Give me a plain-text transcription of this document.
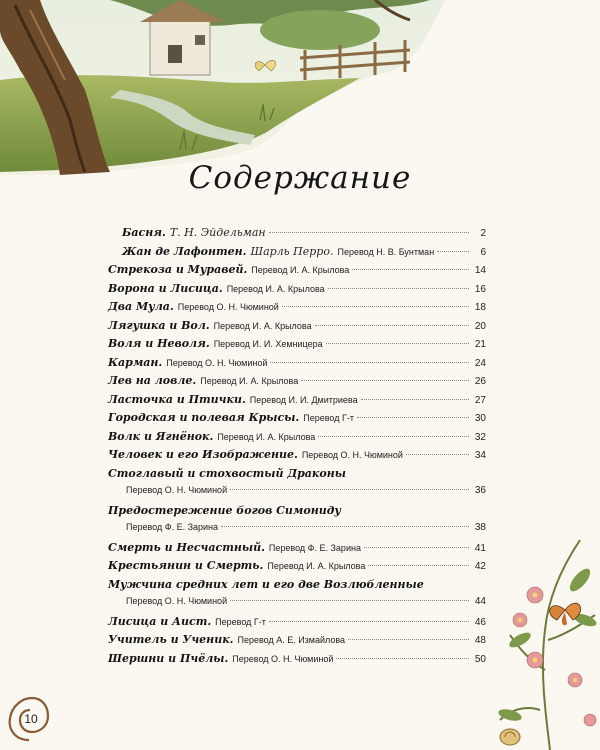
Содержание
Басня. Т. Н. Эйдельман	2
Жан де Лафонтен. Шарль Перро. Перевод Н. В. Бунтман	6
Стрекоза и Муравей. Перевод И. А. Крылова	14
Ворона и Лисица. Перевод И. А. Крылова	16
Два Мула. Перевод О. Н. Чюминой	18
Лягушка и Вол. Перевод И. А. Крылова	20
Воля и Неволя. Перевод И. И. Хемницера	21
Карман. Перевод О. Н. Чюминой	24
Лев на ловле. Перевод И. А. Крылова	26
Ласточка и Птички. Перевод И. И. Дмитриева	27
Городская и полевая Крысы. Перевод Г-т	30
Волк и Ягнёнок. Перевод И. А. Крылова	32
Человек и его Изображение. Перевод О. Н. Чюминой	34
Стоглавый и стохвостый Драконы
Перевод О. Н. Чюминой	36
Предостережение богов Симониду
Перевод Ф. Е. Зарина	38
Смерть и Несчастный. Перевод Ф. Е. Зарина	41
Крестьянин и Смерть. Перевод И. А. Крылова	42
Мужчина средних лет и его две Возлюбленные
Перевод О. Н. Чюминой	44
Лисица и Аист. Перевод Г-т	46
Учитель и Ученик. Перевод А. Е. Измайлова	48
Шершни и Пчёлы. Перевод О. Н. Чюминой	50
10
